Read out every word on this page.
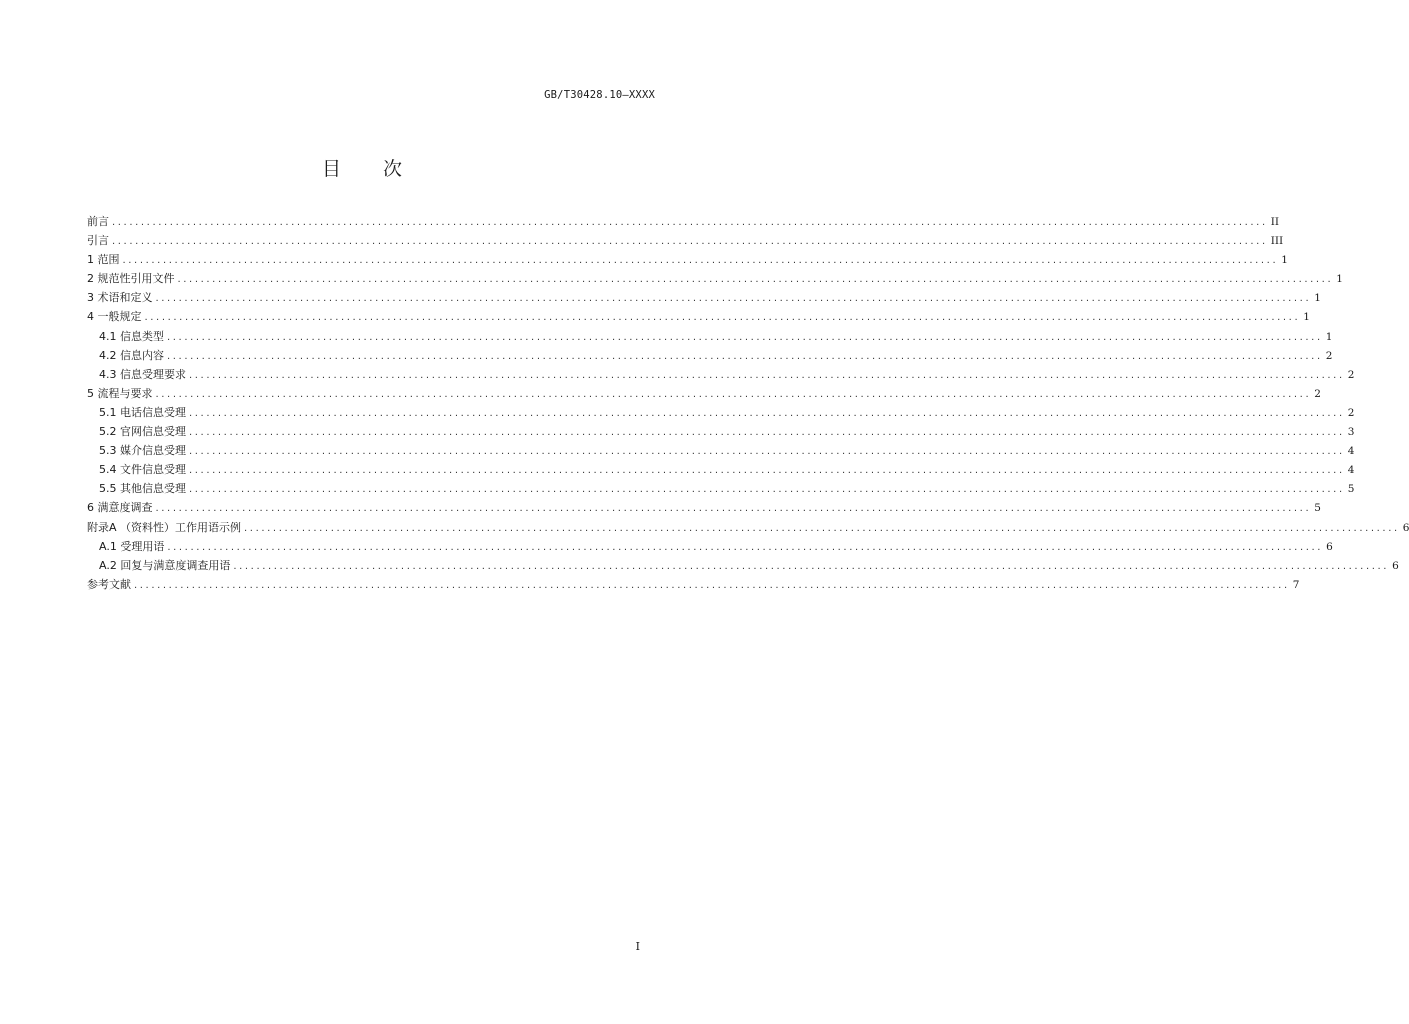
GB/T30428.10—XXXX
目 次
前言 ........................................................................................................................................................................................................ II
引言 ........................................................................................................................................................................................................ III
1 范围 ........................................................................................................................................................................................................ 1
2 规范性引用文件 ........................................................................................................................................................................................................ 1
3 术语和定义 ........................................................................................................................................................................................................ 1
4 一般规定 ........................................................................................................................................................................................................ 1
4.1 信息类型 ........................................................................................................................................................................................................ 1
4.2 信息内容 ........................................................................................................................................................................................................ 2
4.3 信息受理要求 ........................................................................................................................................................................................................ 2
5 流程与要求 ........................................................................................................................................................................................................ 2
5.1 电话信息受理 ........................................................................................................................................................................................................ 2
5.2 官网信息受理 ........................................................................................................................................................................................................ 3
5.3 媒介信息受理 ........................................................................................................................................................................................................ 4
5.4 文件信息受理 ........................................................................................................................................................................................................ 4
5.5 其他信息受理 ........................................................................................................................................................................................................ 5
6 满意度调查 ........................................................................................................................................................................................................ 5
附录A （资料性）工作用语示例 ........................................................................................................................................................................................................ 6
A.1 受理用语 ........................................................................................................................................................................................................ 6
A.2 回复与满意度调查用语 ........................................................................................................................................................................................................ 6
参考文献 ........................................................................................................................................................................................................ 7
I
